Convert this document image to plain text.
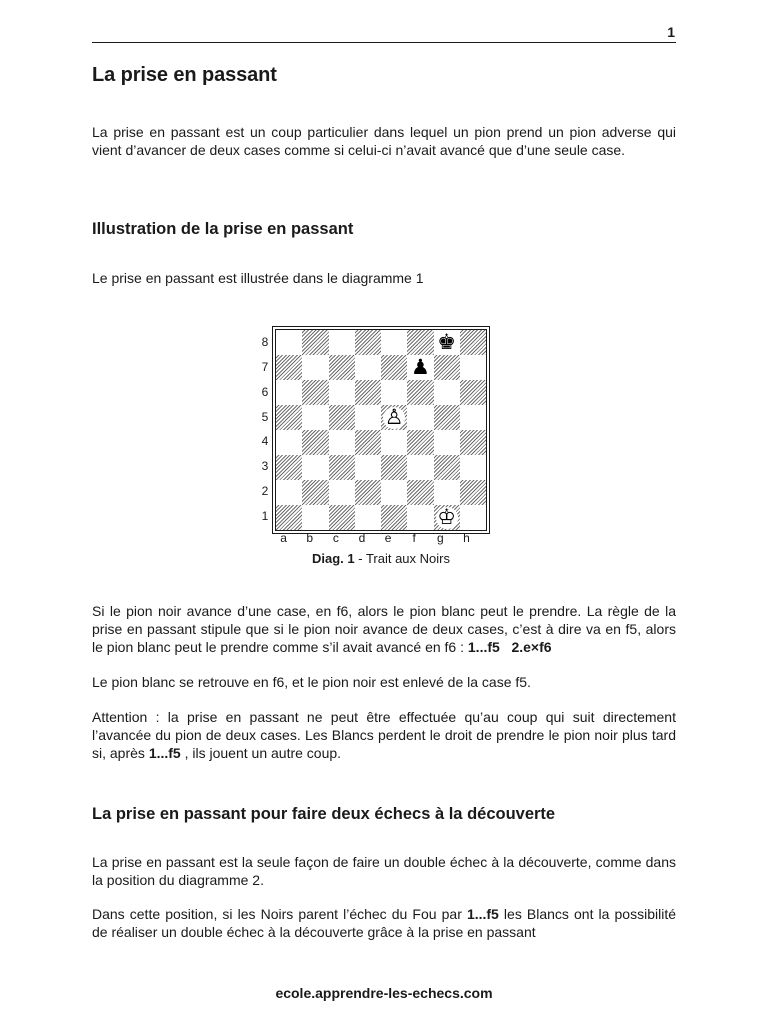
1
La prise en passant

La prise en passant est un coup particulier dans lequel un pion prend un pion adverse qui vient d’avancer de deux cases comme si celui-ci n’avait avancé que d’une seule case.

Illustration de la prise en passant

Le prise en passant est illustrée dans le diagramme 1

8
7
6
5
4
3
2
1
♚
♟
♙
♔
a	b	c	d	e	f	g	h
Diag. 1 - Trait aux Noirs

Si le pion noir avance d’une case, en f6, alors le pion blanc peut le prendre. La règle de la prise en passant stipule que si le pion noir avance de deux cases, c’est à dire va en f5, alors le pion blanc peut le prendre comme s’il avait avancé en f6 : 1...f5 2.e×f6

Le pion blanc se retrouve en f6, et le pion noir est enlevé de la case f5.

Attention : la prise en passant ne peut être effectuée qu’au coup qui suit directement l’avancée du pion de deux cases. Les Blancs perdent le droit de prendre le pion noir plus tard si, après 1...f5 , ils jouent un autre coup.

La prise en passant pour faire deux échecs à la découverte

La prise en passant est la seule façon de faire un double échec à la découverte, comme dans la position du diagramme 2.

Dans cette position, si les Noirs parent l’échec du Fou par 1...f5 les Blancs ont la possibilité de réaliser un double échec à la découverte grâce à la prise en passant

ecole.apprendre-les-echecs.com
